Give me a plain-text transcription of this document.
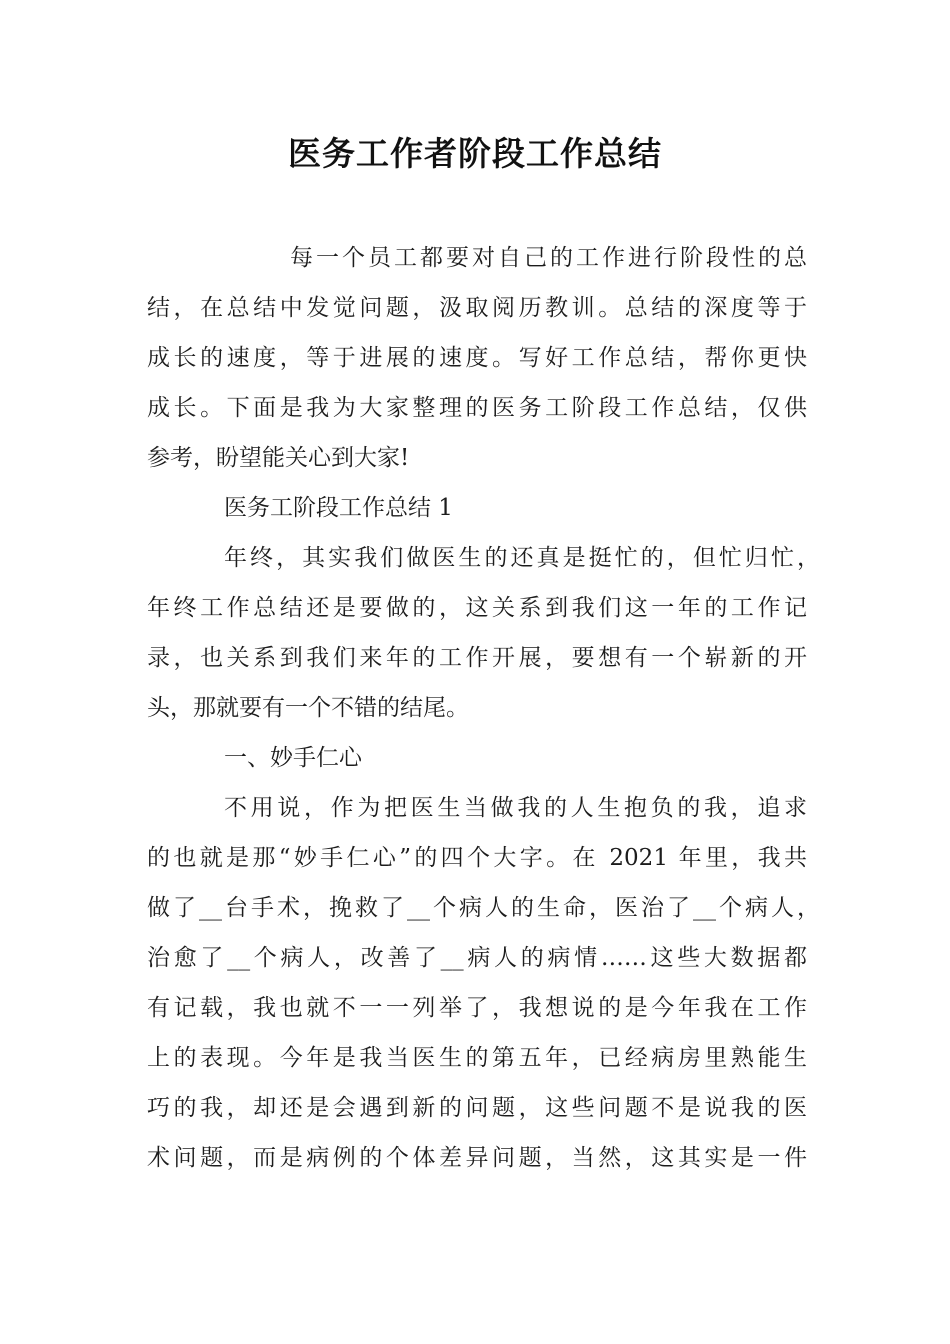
医务工作者阶段工作总结

每一个员工都要对自己的工作进行阶段性的总

结，在总结中发觉问题，汲取阅历教训。总结的深度等于

成长的速度，等于进展的速度。写好工作总结，帮你更快

成长。下面是我为大家整理的医务工阶段工作总结，仅供

参考，盼望能关心到大家!

医务工阶段工作总结 1

年终，其实我们做医生的还真是挺忙的，但忙归忙，

年终工作总结还是要做的，这关系到我们这一年的工作记

录，也关系到我们来年的工作开展，要想有一个崭新的开

头，那就要有一个不错的结尾。

一、妙手仁心

不用说，作为把医生当做我的人生抱负的我，追求

的也就是那“妙手仁心”的四个大字。在 2021 年里，我共

做了__台手术，挽救了__个病人的生命，医治了__个病人，

治愈了__个病人，改善了__病人的病情……这些大数据都

有记载，我也就不一一列举了，我想说的是今年我在工作

上的表现。今年是我当医生的第五年，已经病房里熟能生

巧的我，却还是会遇到新的问题，这些问题不是说我的医

术问题，而是病例的个体差异问题，当然，这其实是一件
